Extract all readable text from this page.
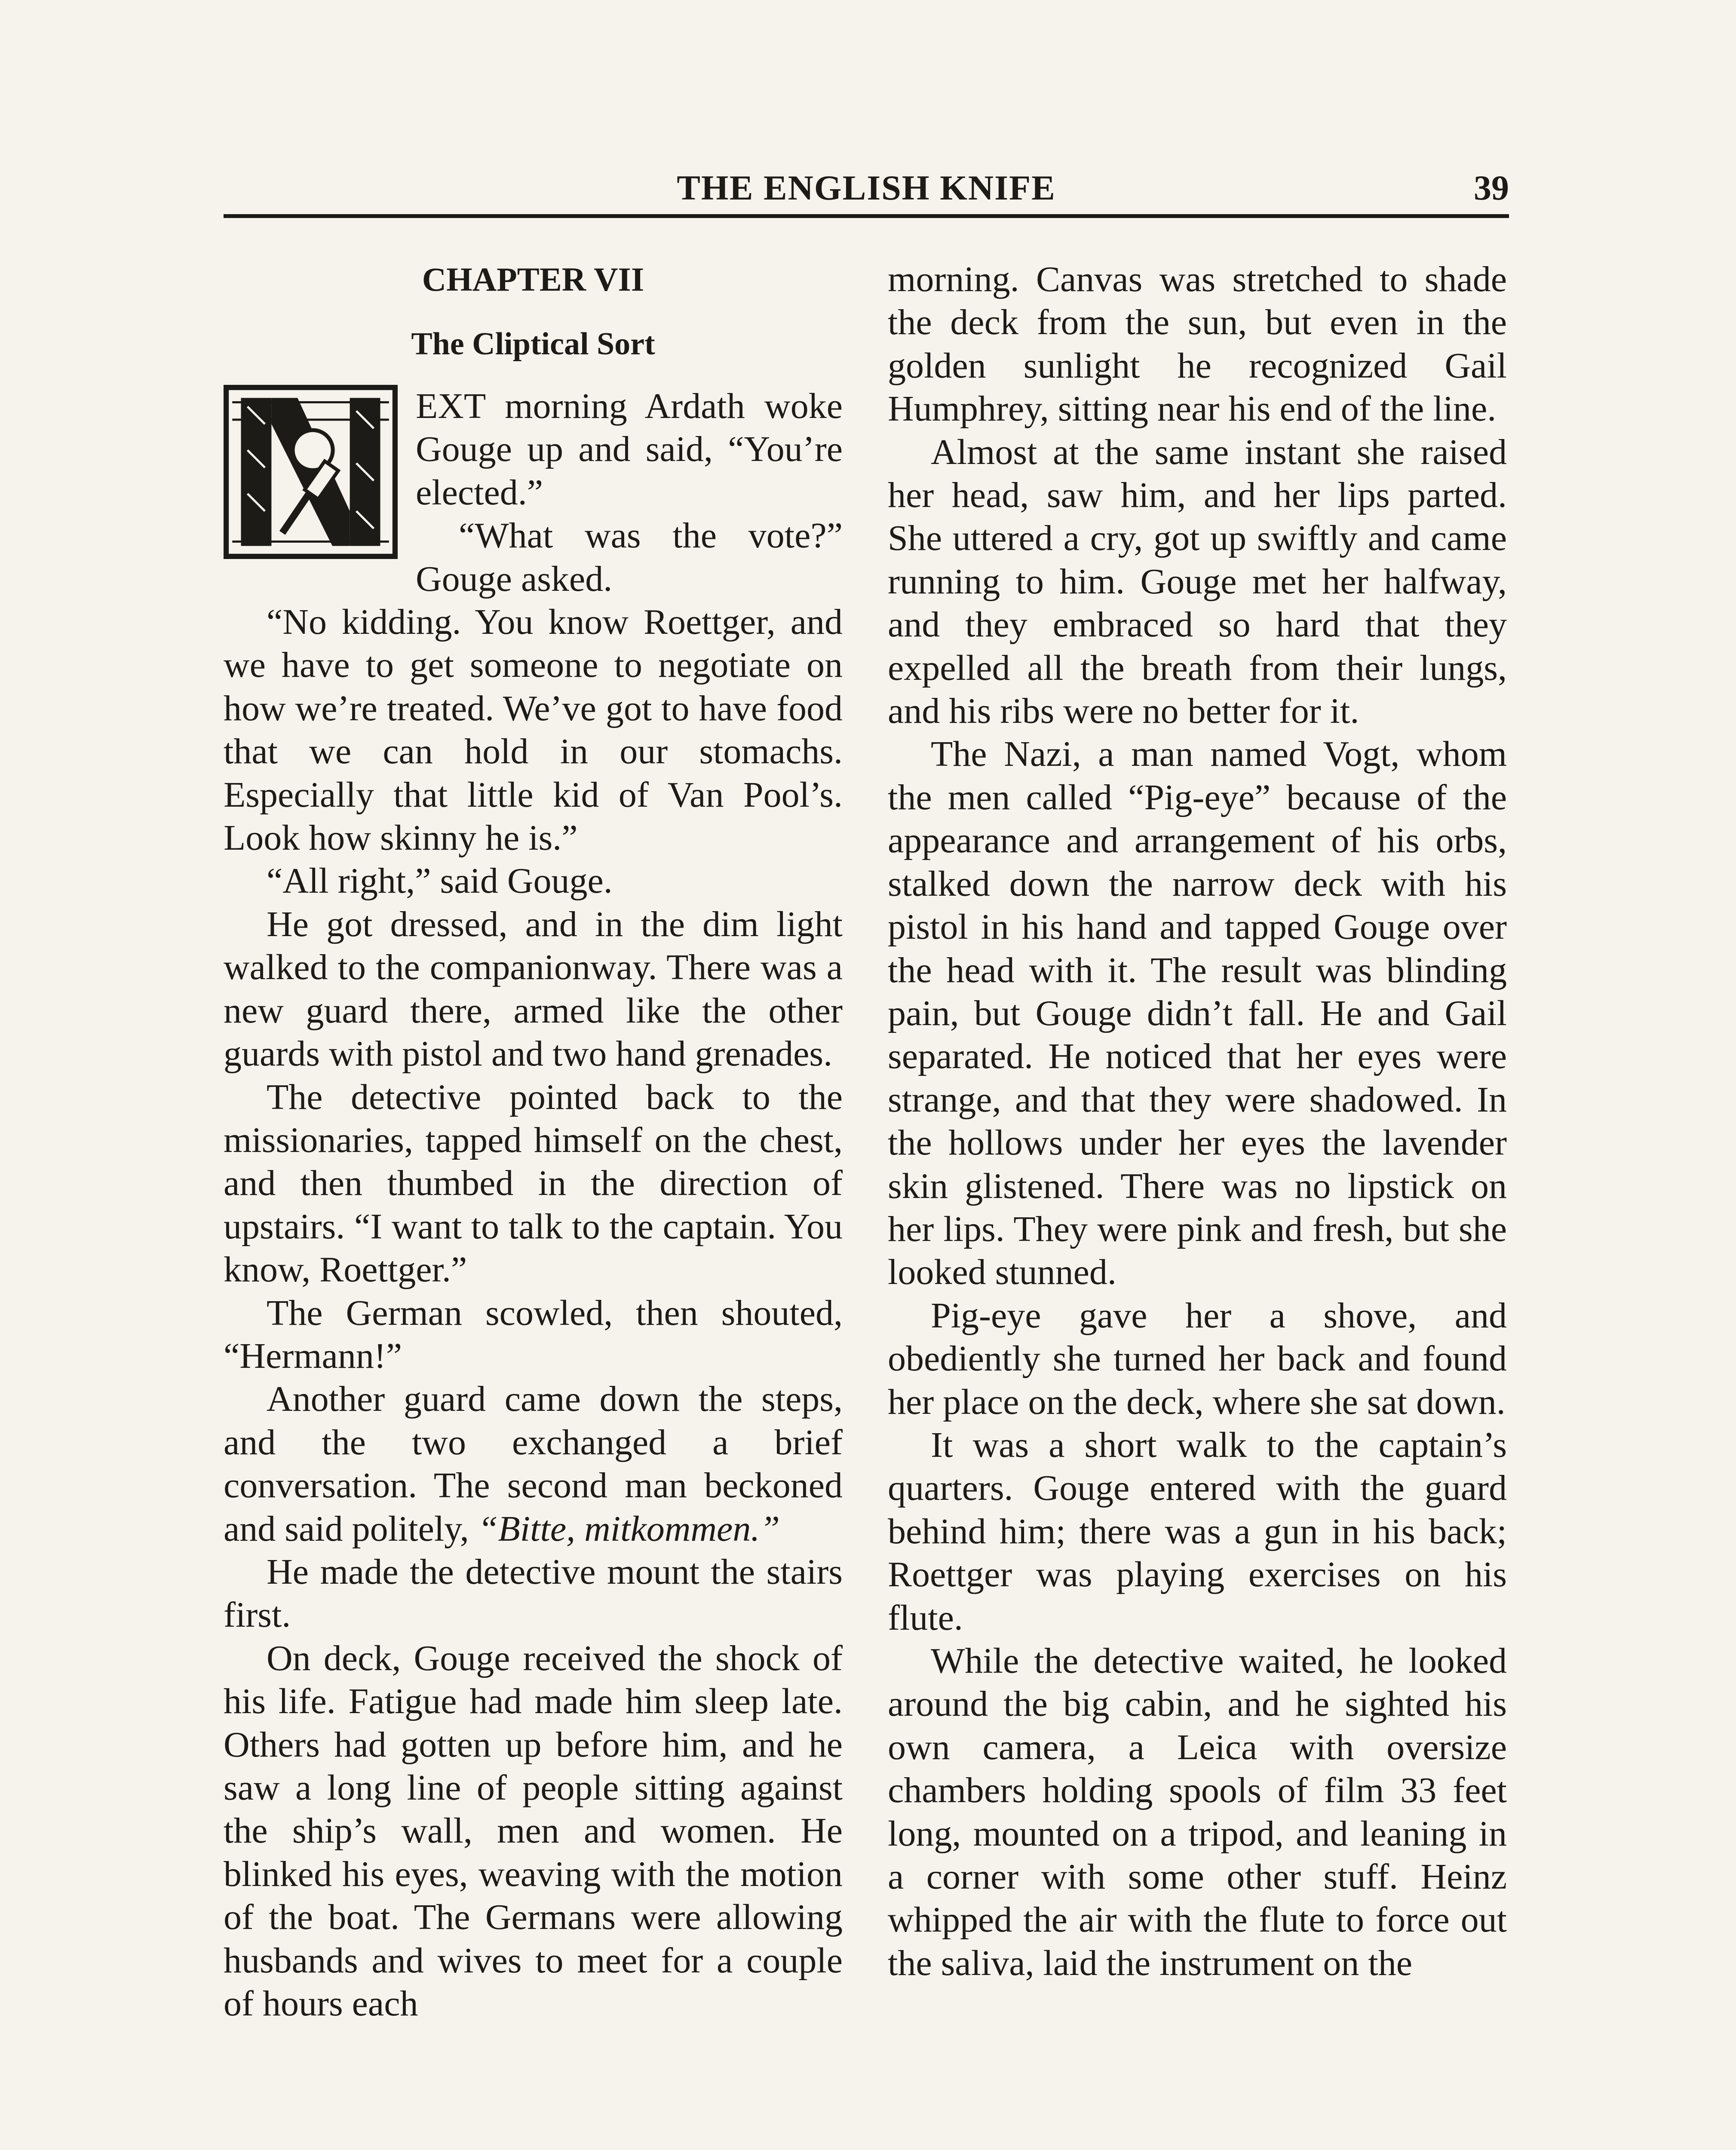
THE ENGLISH KNIFE	39
CHAPTER VII
The Cliptical Sort

EXT morning Ardath woke Gouge up and said, “You’re elected.”

“What was the vote?” Gouge asked.

“No kidding. You know Roettger, and we have to get someone to negotiate on how we’re treated. We’ve got to have food that we can hold in our stomachs. Especially that little kid of Van Pool’s. Look how skinny he is.”

“All right,” said Gouge.

He got dressed, and in the dim light walked to the companionway. There was a new guard there, armed like the other guards with pistol and two hand grenades.

The detective pointed back to the missionaries, tapped himself on the chest, and then thumbed in the direction of upstairs. “I want to talk to the captain. You know, Roettger.”

The German scowled, then shouted, “Hermann!”

Another guard came down the steps, and the two exchanged a brief conversation. The second man beckoned and said politely, “Bitte, mitkommen.”

He made the detective mount the stairs first.

On deck, Gouge received the shock of his life. Fatigue had made him sleep late. Others had gotten up before him, and he saw a long line of people sitting against the ship’s wall, men and women. He blinked his eyes, weaving with the motion of the boat. The Germans were allowing husbands and wives to meet for a couple of hours each

morning. Canvas was stretched to shade the deck from the sun, but even in the golden sunlight he recognized Gail Humphrey, sitting near his end of the line.

Almost at the same instant she raised her head, saw him, and her lips parted. She uttered a cry, got up swiftly and came running to him. Gouge met her halfway, and they embraced so hard that they expelled all the breath from their lungs, and his ribs were no better for it.

The Nazi, a man named Vogt, whom the men called “Pig-eye” because of the appearance and arrangement of his orbs, stalked down the narrow deck with his pistol in his hand and tapped Gouge over the head with it. The result was blinding pain, but Gouge didn’t fall. He and Gail separated. He noticed that her eyes were strange, and that they were shadowed. In the hollows under her eyes the lavender skin glistened. There was no lipstick on her lips. They were pink and fresh, but she looked stunned.

Pig-eye gave her a shove, and obediently she turned her back and found her place on the deck, where she sat down.

It was a short walk to the captain’s quarters. Gouge entered with the guard behind him; there was a gun in his back; Roettger was playing exercises on his flute.

While the detective waited, he looked around the big cabin, and he sighted his own camera, a Leica with oversize chambers holding spools of film 33 feet long, mounted on a tripod, and leaning in a corner with some other stuff. Heinz whipped the air with the flute to force out the saliva, laid the instrument on the
